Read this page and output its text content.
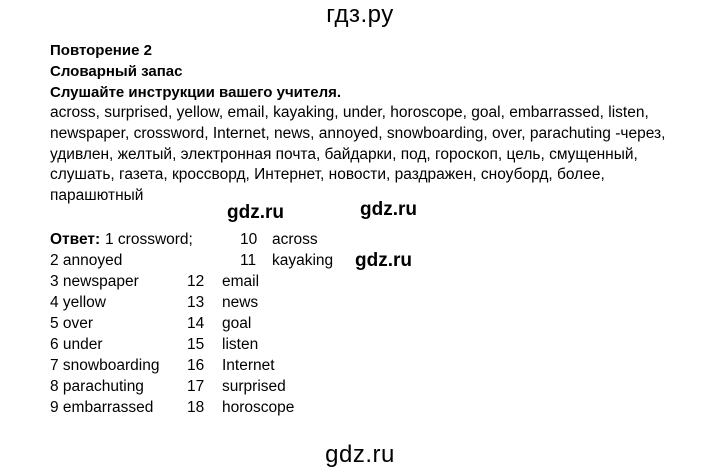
гдз.ру
Повторение 2
Словарный запас
Слушайте инструкции вашего учителя.

across, surprised, yellow, email, kayaking, under, horoscope, goal, embarrassed, listen,
newspaper, crossword, Internet, news, annoyed, snowboarding, over, parachuting -через,
удивлен, желтый, электронная почта, байдарки, под, гороскоп, цель, смущенный,
слушать, газета, кроссворд, Интернет, новости, раздражен, сноуборд, более,
парашютный

gdz.ru	gdz.ru
gdz.ru
Ответ: 1 crossword;	10 across
2 annoyed	11 kayaking
3 newspaper	12 email
4 yellow	13 news
5 over	14 goal
6 under	15 listen
7 snowboarding 16 Internet
8 parachuting	17 surprised
9 embarrassed 18 horoscope
gdz.ru
